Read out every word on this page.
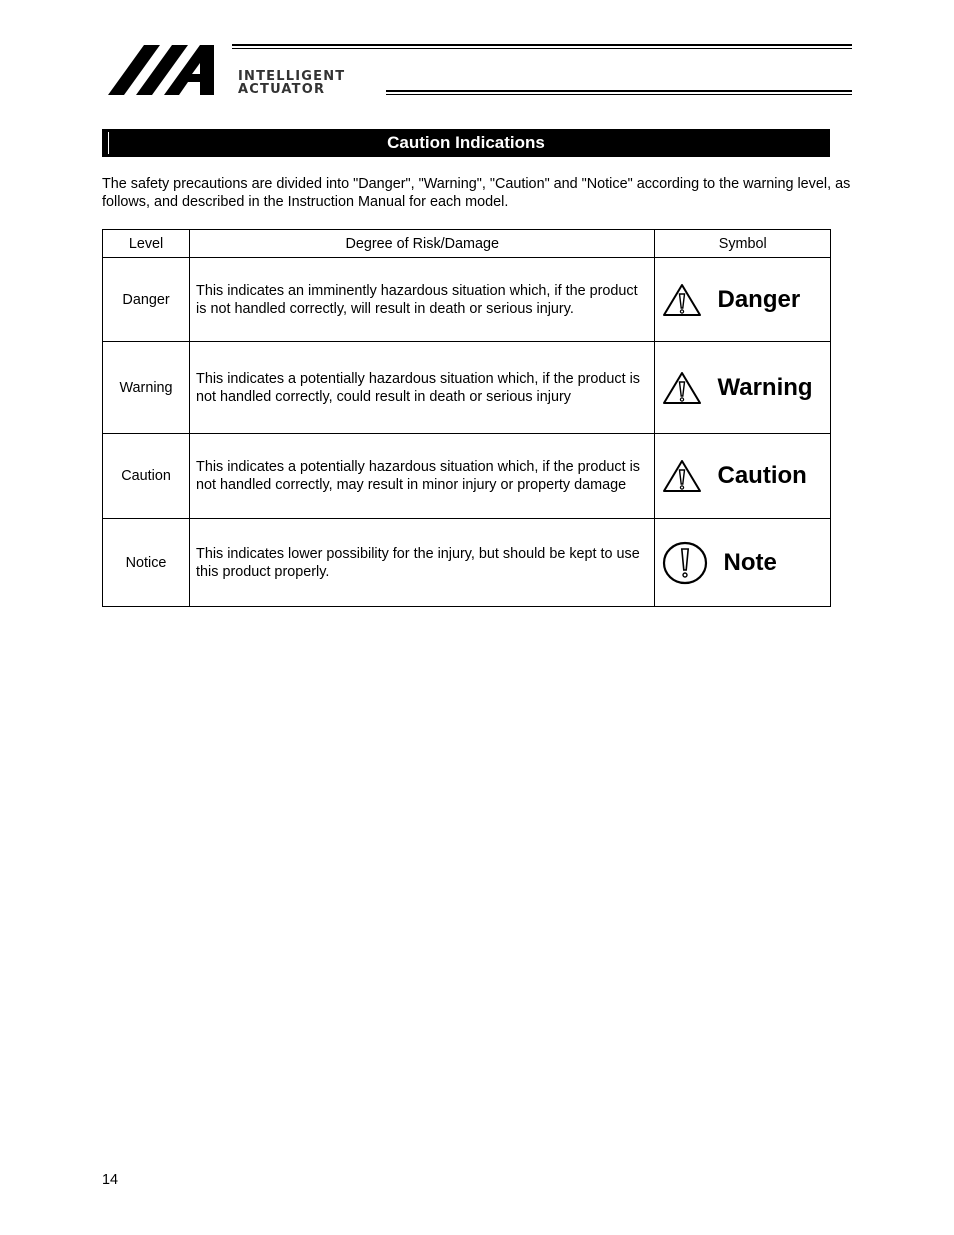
INTELLIGENT
ACTUATOR
Caution Indications
The safety precautions are divided into "Danger", "Warning", "Caution" and "Notice" according to the warning level, as follows, and described in the Instruction Manual for each model.
Level	Degree of Risk/Damage	Symbol
Danger	This indicates an imminently hazardous situation which, if the product is not handled correctly, will result in death or serious injury.	Danger

Warning	This indicates a potentially hazardous situation which, if the product is not handled correctly, could result in death or serious injury	Warning

Caution	This indicates a potentially hazardous situation which, if the product is not handled correctly, may result in minor injury or property damage	Caution

Notice	This indicates lower possibility for the injury, but should be kept to use this product properly.	Note
14
